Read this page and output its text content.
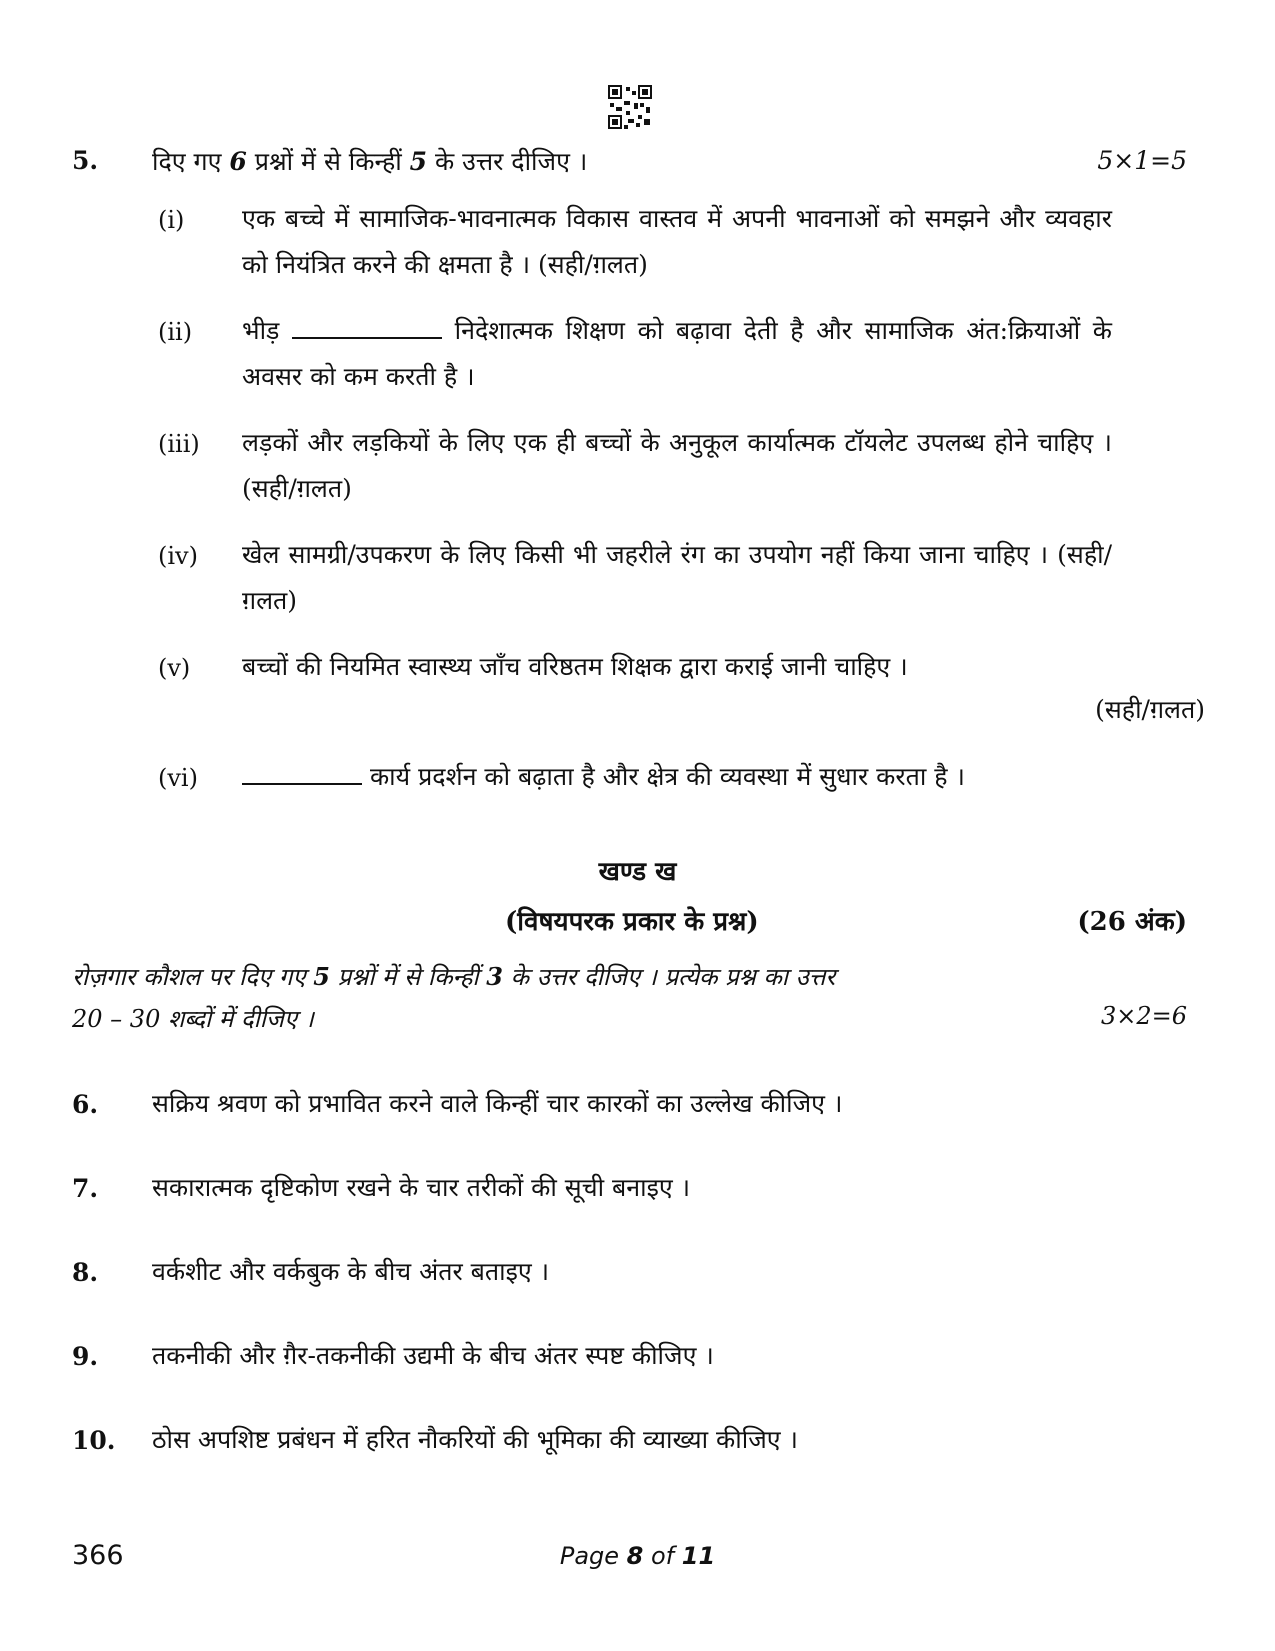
5. दिए गए 6 प्रश्नों में से किन्हीं 5 के उत्तर दीजिए ।	5×1=5
(i) एक बच्चे में सामाजिक-भावनात्मक विकास वास्तव में अपनी भावनाओं को समझने और व्यवहार को नियंत्रित करने की क्षमता है । (सही/ग़लत)
(ii) भीड़	निदेशात्मक शिक्षण को बढ़ावा देती है और सामाजिक अंत:क्रियाओं के अवसर को कम करती है ।
(iii) लड़कों और लड़कियों के लिए एक ही बच्चों के अनुकूल कार्यात्मक टॉयलेट उपलब्ध होने चाहिए । (सही/ग़लत)
(iv) खेल सामग्री/उपकरण के लिए किसी भी जहरीले रंग का उपयोग नहीं किया जाना चाहिए । (सही/ग़लत)
(v) बच्चों की नियमित स्वास्थ्य जाँच वरिष्ठतम शिक्षक द्वारा कराई जानी चाहिए ।
(सही/ग़लत)
(vi)	कार्य प्रदर्शन को बढ़ाता है और क्षेत्र की व्यवस्था में सुधार करता है ।
खण्ड ख
(विषयपरक प्रकार के प्रश्न)	(26 अंक)
रोज़गार कौशल पर दिए गए 5 प्रश्नों में से किन्हीं 3 के उत्तर दीजिए । प्रत्येक प्रश्न का उत्तर
20 – 30 शब्दों में दीजिए ।	3×2=6
6. सक्रिय श्रवण को प्रभावित करने वाले किन्हीं चार कारकों का उल्लेख कीजिए ।
7. सकारात्मक दृष्टिकोण रखने के चार तरीकों की सूची बनाइए ।
8. वर्कशीट और वर्कबुक के बीच अंतर बताइए ।
9. तकनीकी और ग़ैर-तकनीकी उद्यमी के बीच अंतर स्पष्ट कीजिए ।
10. ठोस अपशिष्ट प्रबंधन में हरित नौकरियों की भूमिका की व्याख्या कीजिए ।
366	Page 8 of 11
